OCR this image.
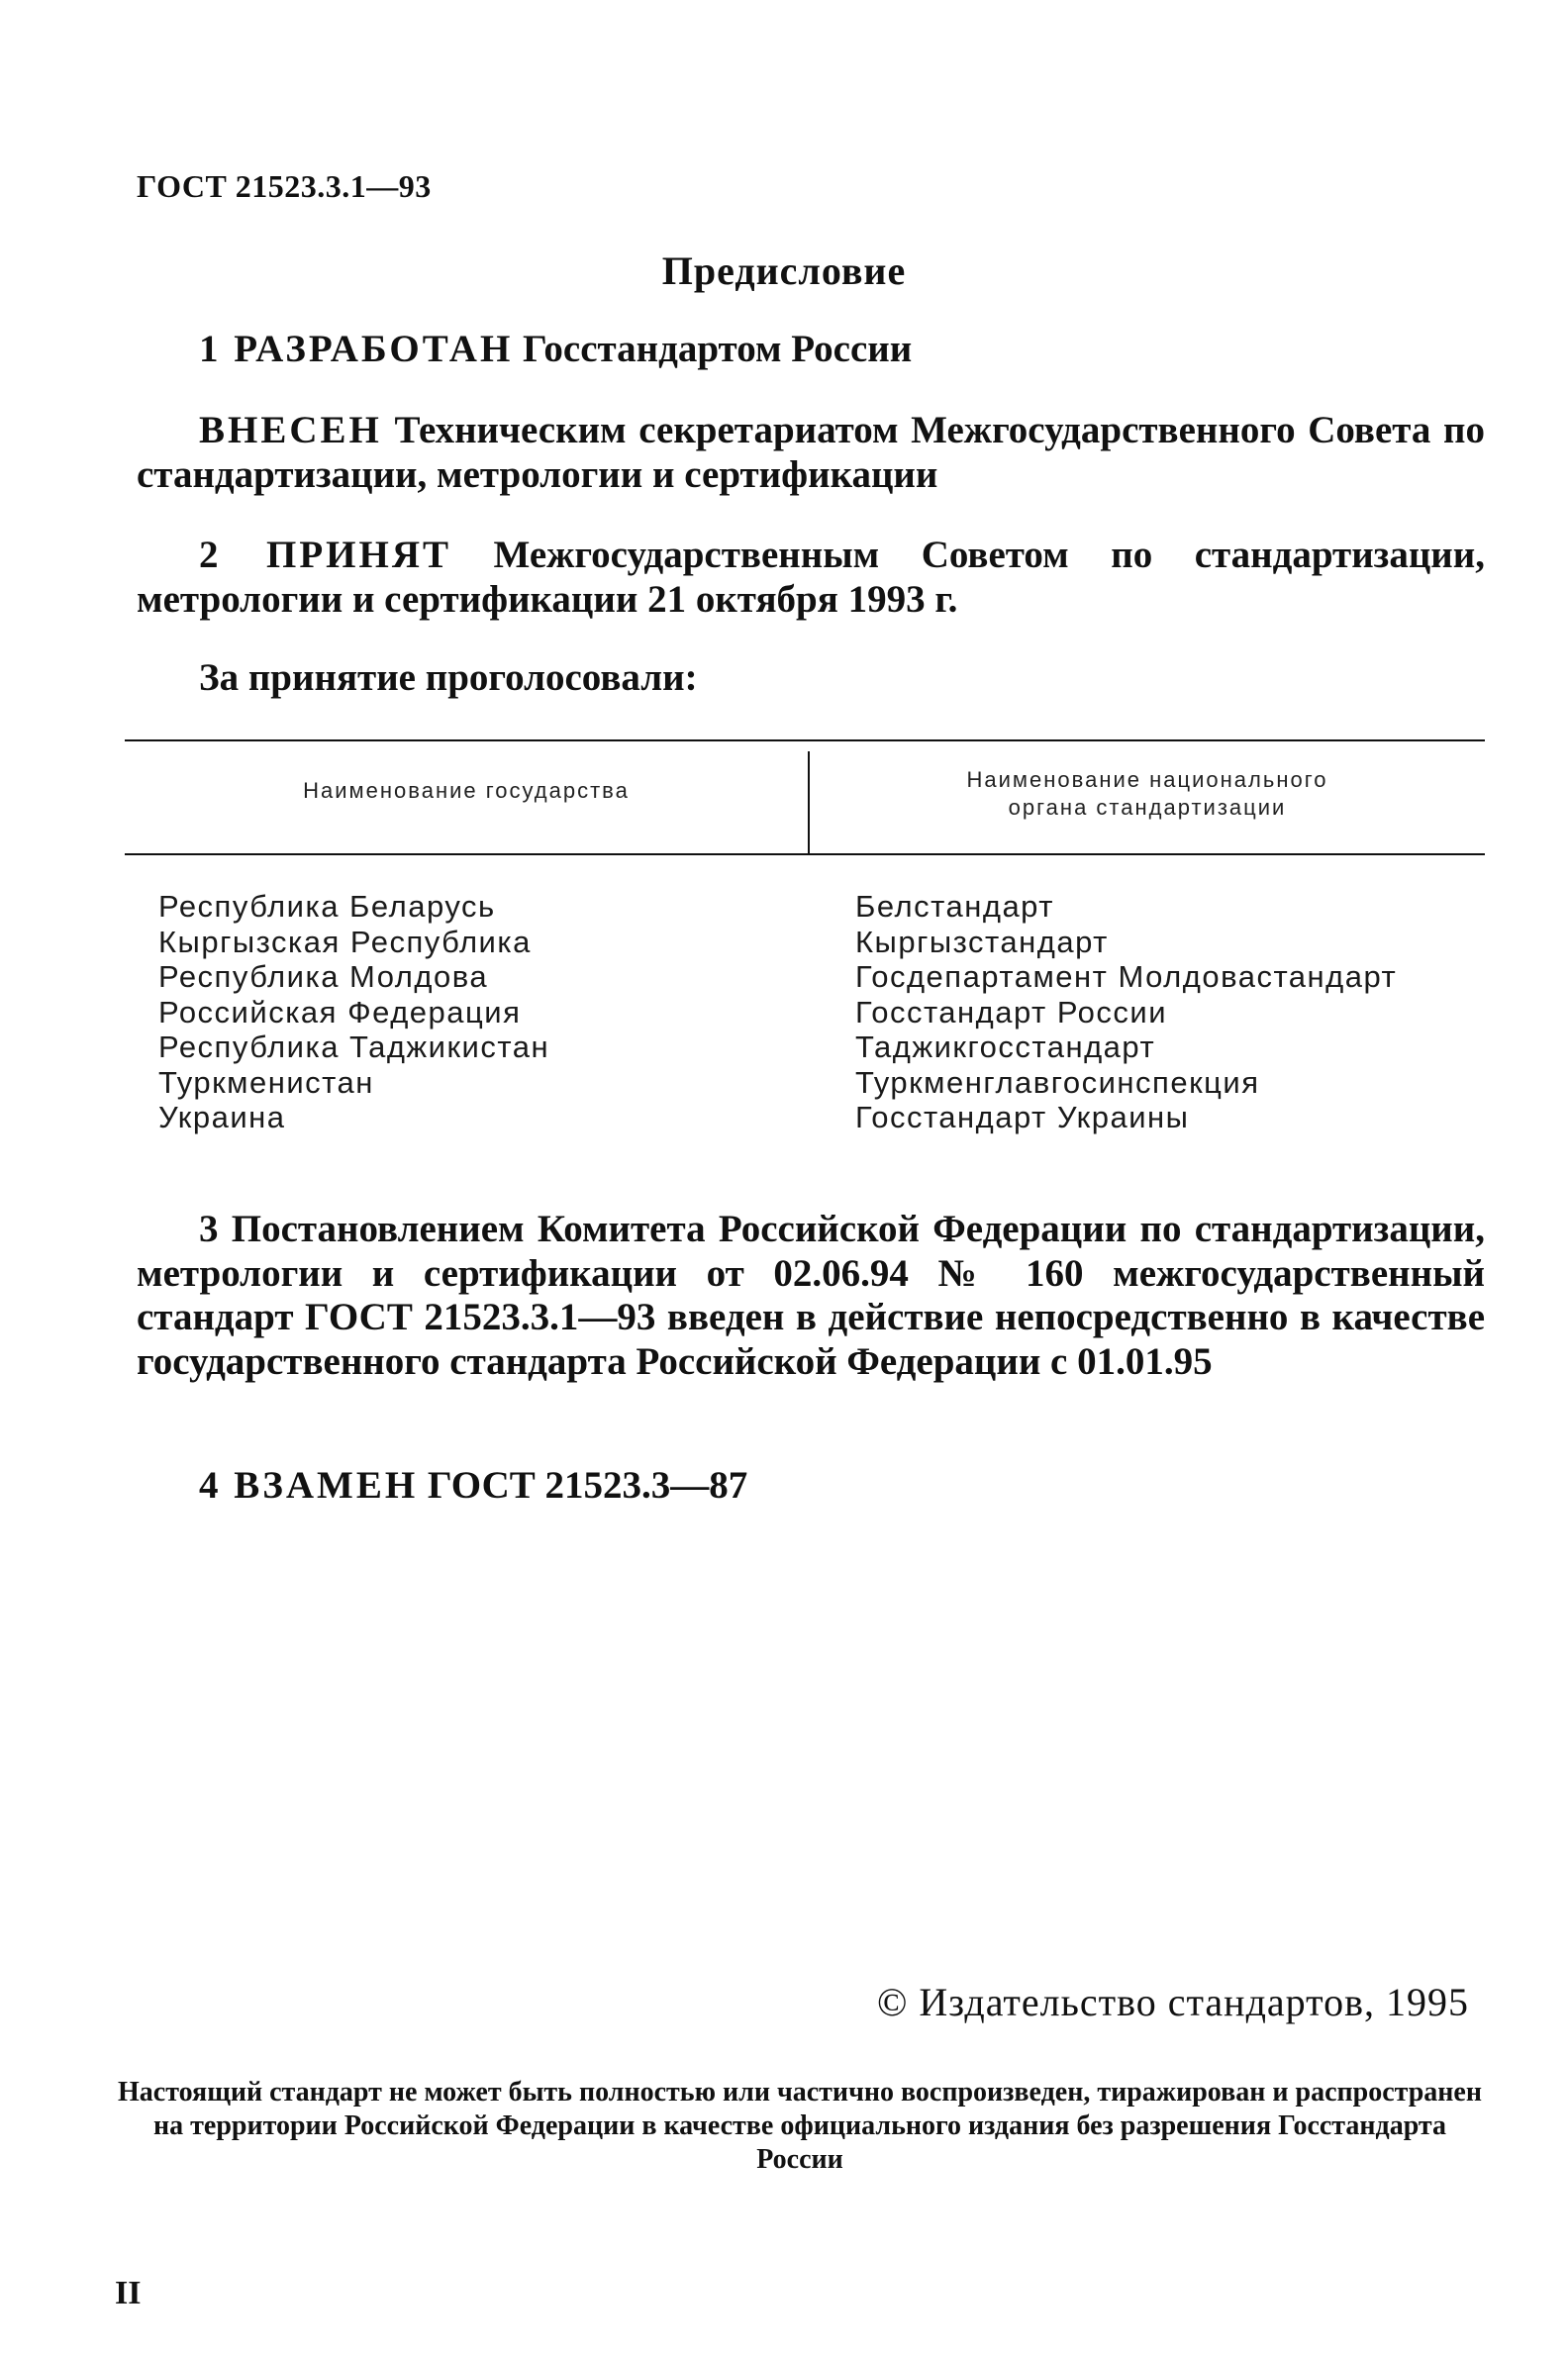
ГОСТ 21523.3.1—93
Предисловие
1 РАЗРАБОТАН Госстандартом России
ВНЕСЕН Техническим секретариатом Межгосударственного Совета по стандартизации, метрологии и сертификации
2 ПРИНЯТ Межгосударственным Советом по стандартизации, метрологии и сертификации 21 октября 1993 г.
За принятие проголосовали:
Наименование государства	Наименование национального
органа стандартизации
Республика Беларусь
Кыргызская Республика
Республика Молдова
Российская Федерация
Республика Таджикистан
Туркменистан
Украина
Белстандарт
Кыргызстандарт
Госдепартамент Молдовастандарт
Госстандарт России
Таджикгосстандарт
Туркменглавгосинспекция
Госстандарт Украины
3 Постановлением Комитета Российской Федерации по стандартизации, метрологии и сертификации от 02.06.94 № 160 межгосударственный стандарт ГОСТ 21523.3.1—93 введен в действие непосредственно в качестве государственного стандарта Российской Федерации с 01.01.95
4 ВЗАМЕН ГОСТ 21523.3—87
© Издательство стандартов, 1995
Настоящий стандарт не может быть полностью или частично воспроизведен, тиражирован и распространен на территории Российской Федерации в качестве официального издания без разрешения Госстандарта России
II
